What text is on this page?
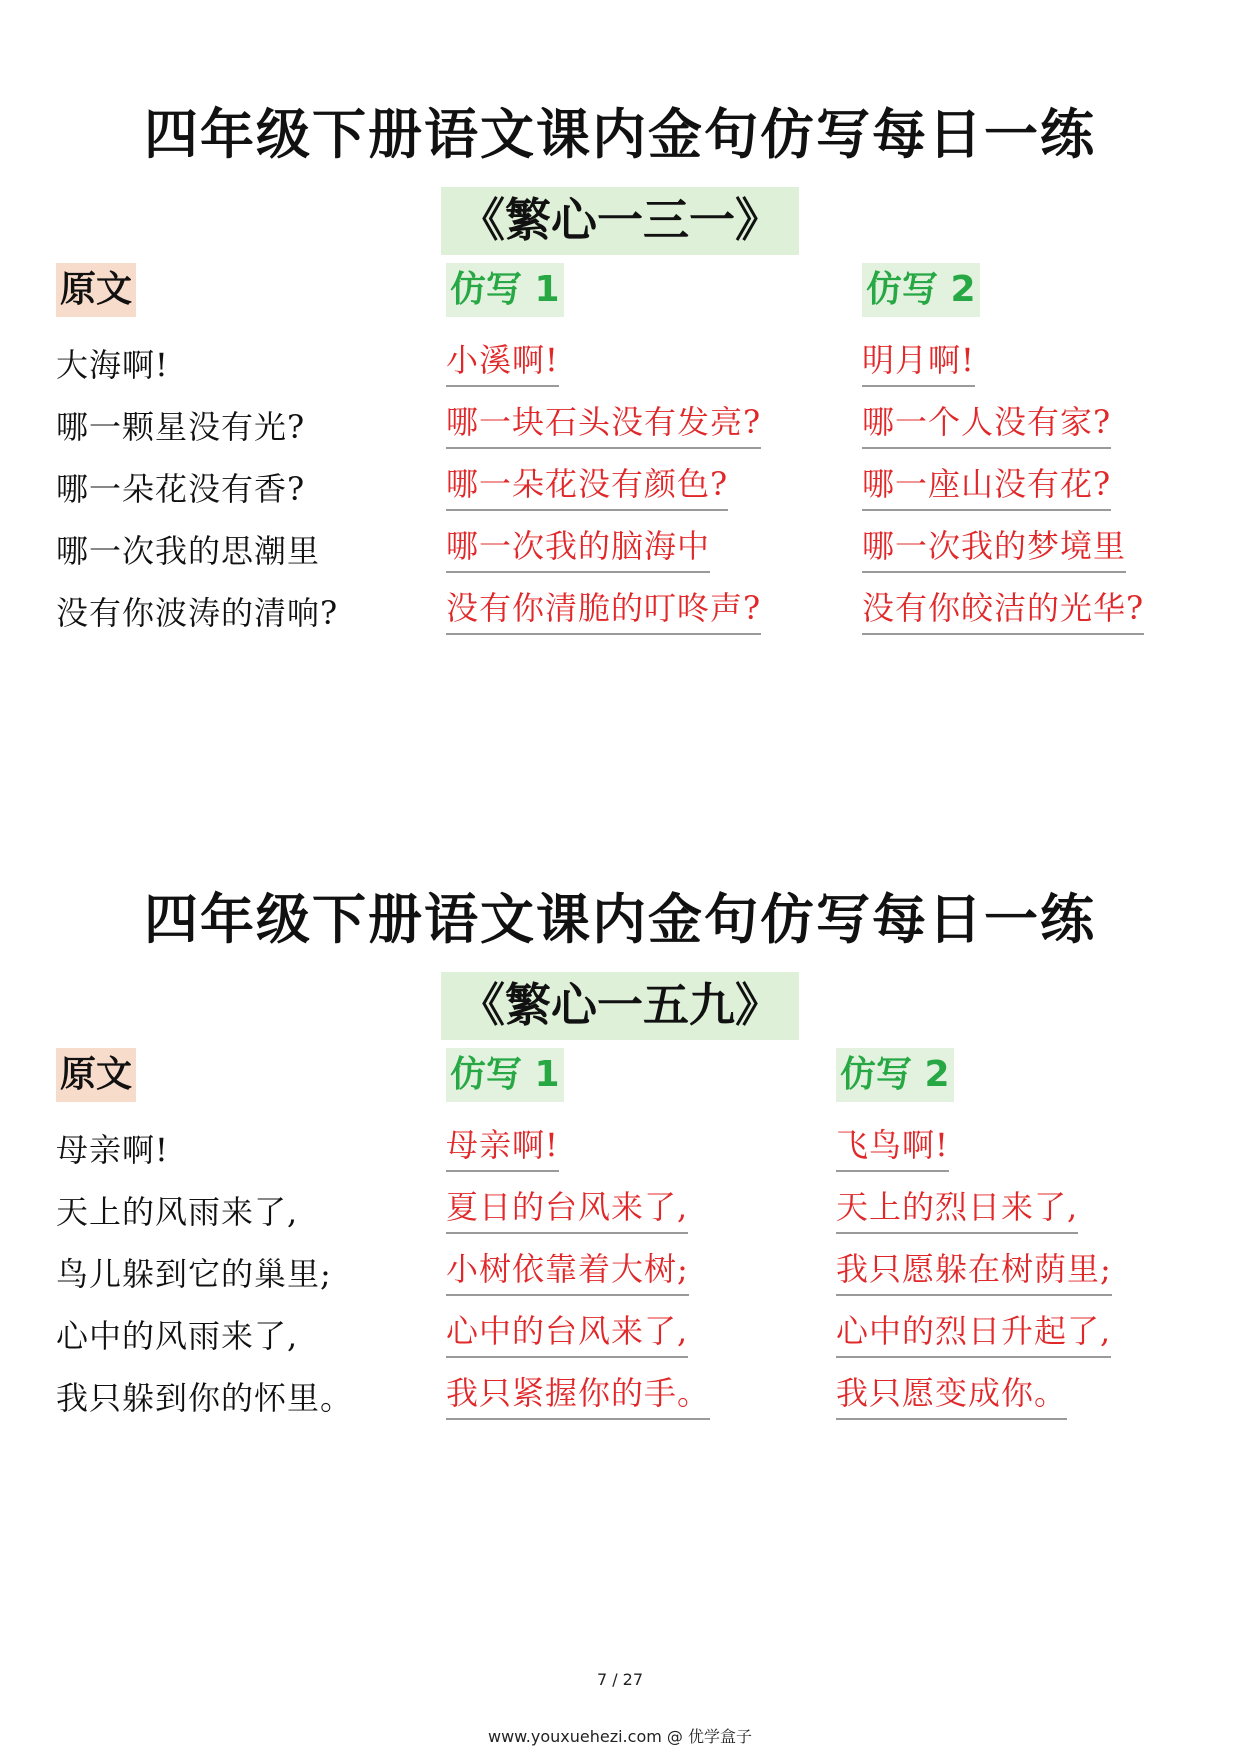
四年级下册语文课内金句仿写每日一练
《繁心一三一》
原文
大海啊!
哪一颗星没有光?
哪一朵花没有香?
哪一次我的思潮里
没有你波涛的清响?
仿写 1
小溪啊!
哪一块石头没有发亮?
哪一朵花没有颜色?
哪一次我的脑海中
没有你清脆的叮咚声?
仿写 2
明月啊!
哪一个人没有家?
哪一座山没有花?
哪一次我的梦境里
没有你皎洁的光华?
四年级下册语文课内金句仿写每日一练
《繁心一五九》
原文
母亲啊!
天上的风雨来了,
鸟儿躲到它的巢里;
心中的风雨来了,
我只躲到你的怀里。
仿写 1
母亲啊!
夏日的台风来了,
小树依靠着大树;
心中的台风来了,
我只紧握你的手。
仿写 2
飞鸟啊!
天上的烈日来了,
我只愿躲在树荫里;
心中的烈日升起了,
我只愿变成你。
7 / 27
www.youxuehezi.com @ 优学盒子
